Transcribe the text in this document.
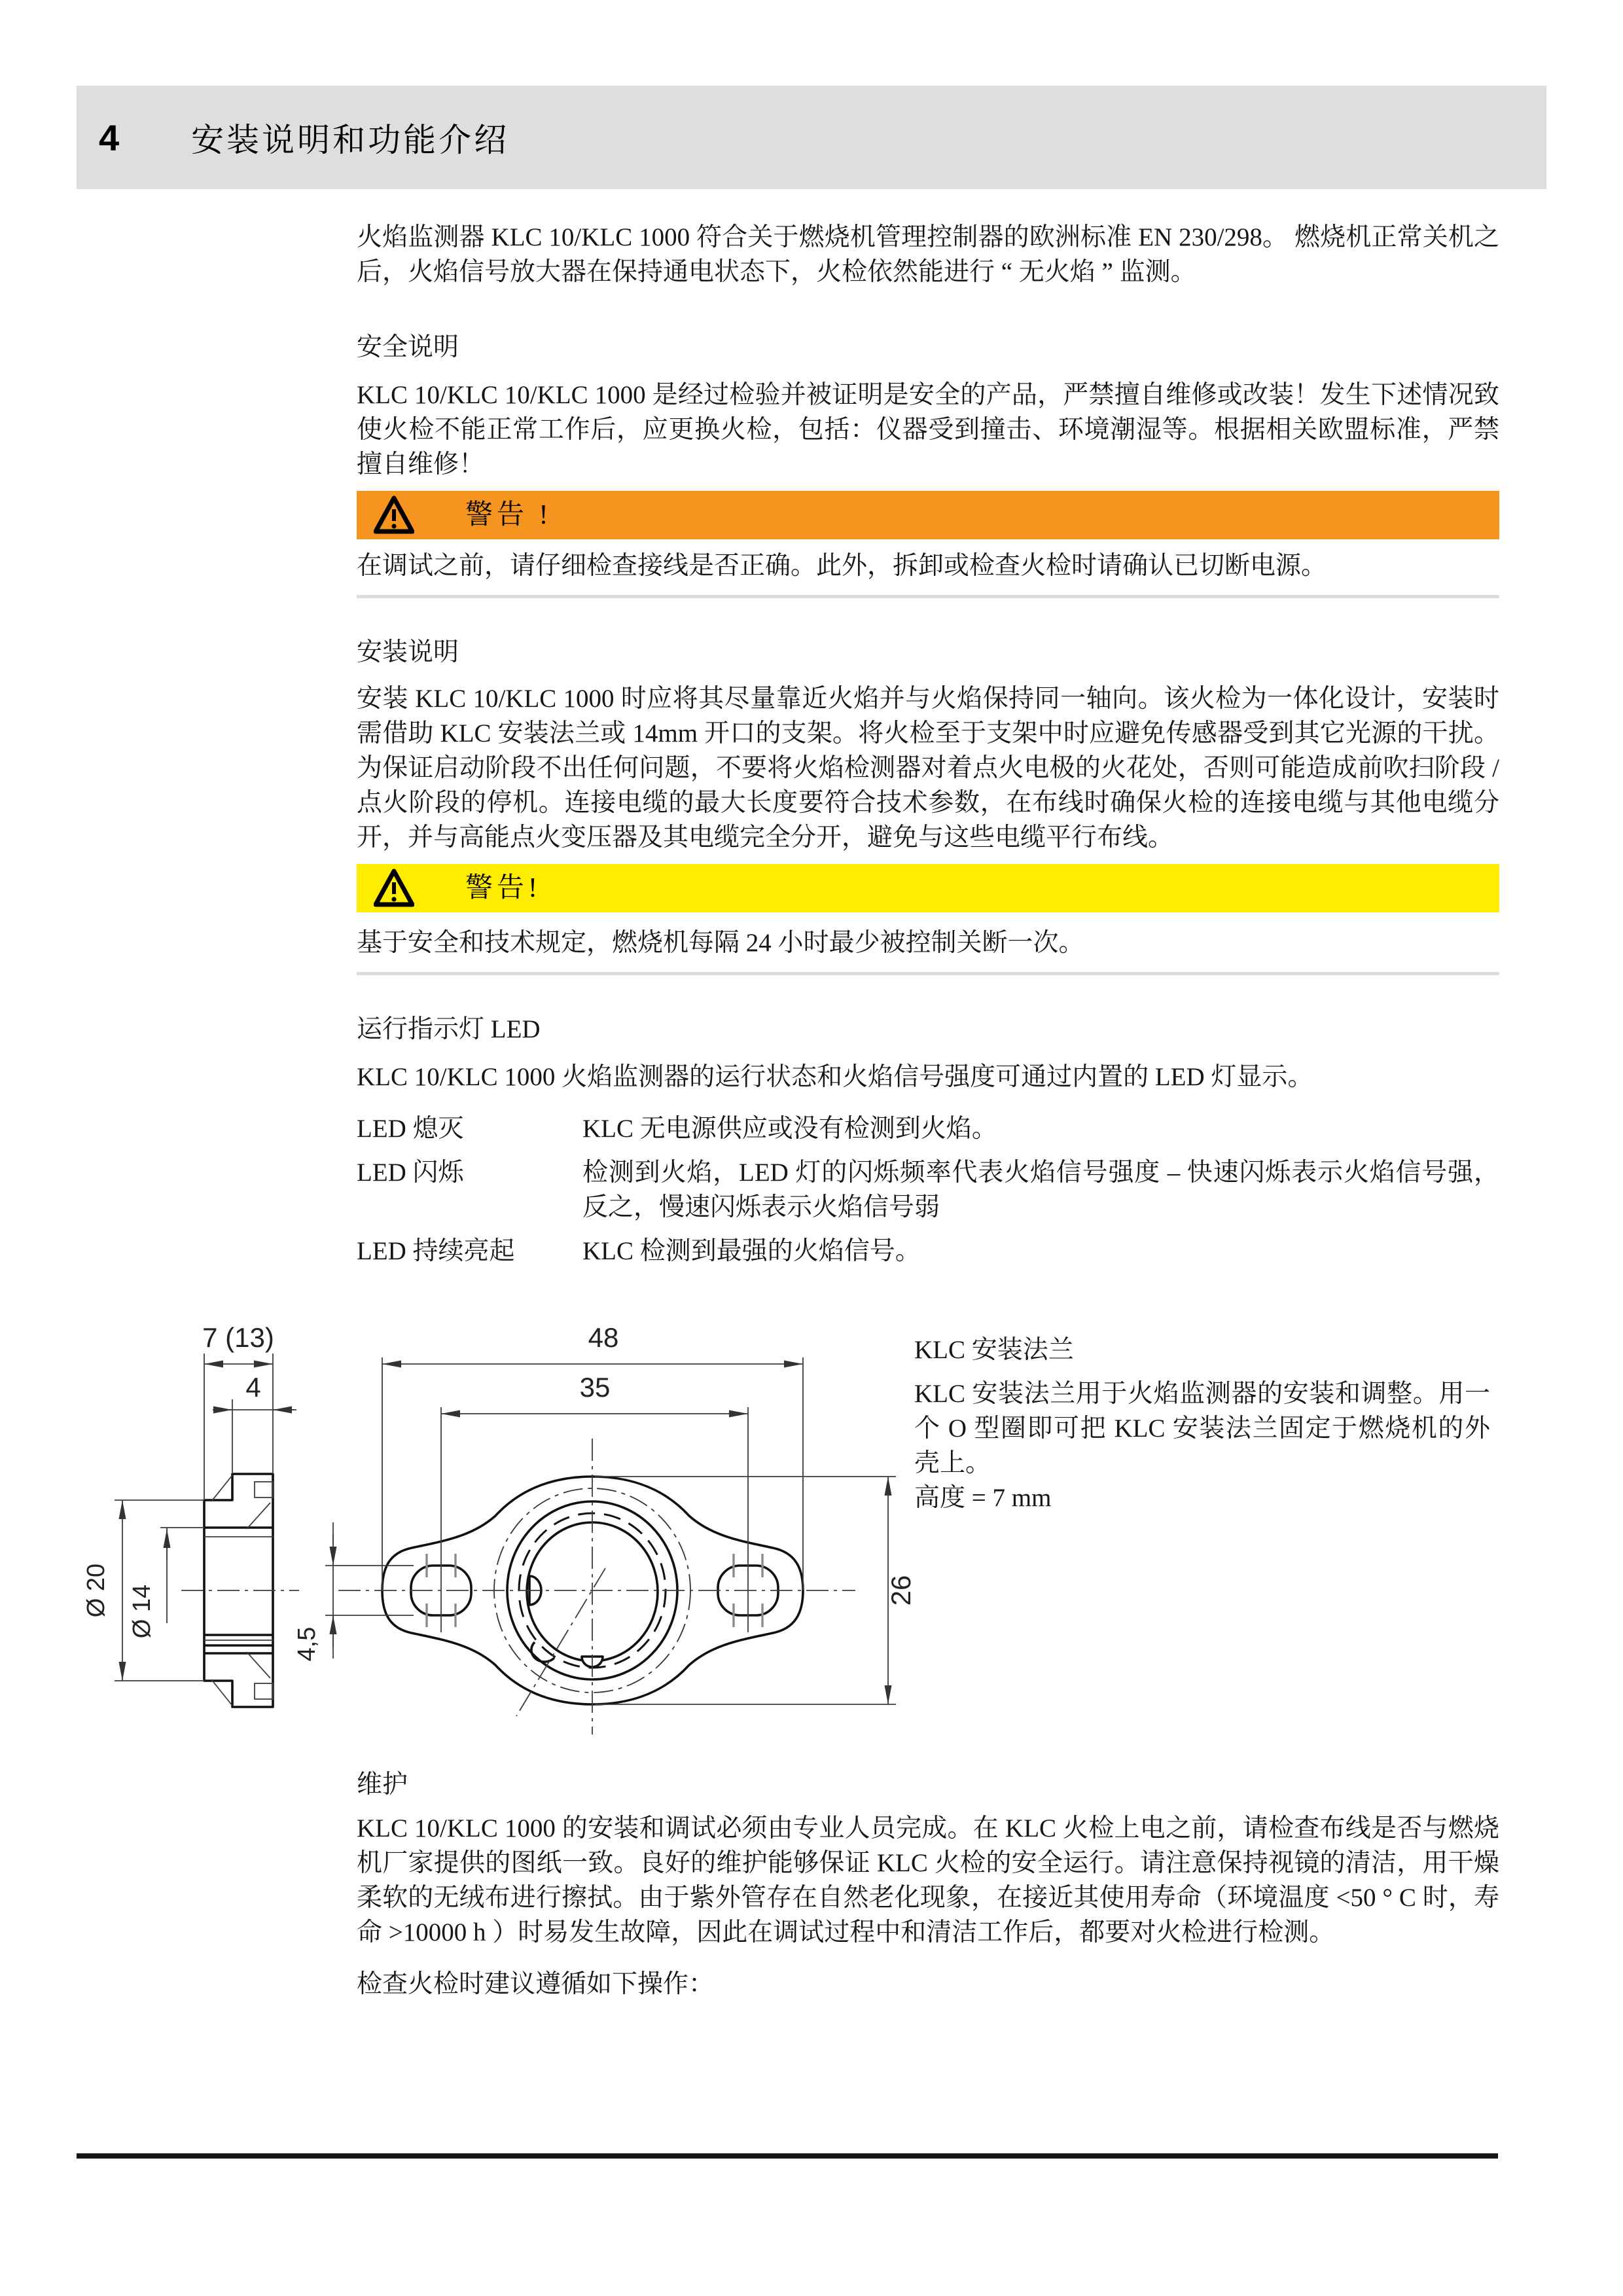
4 安装说明和功能介绍
火焰监测器 KLC 10/KLC 1000 符合关于燃烧机管理控制器的欧洲标准 EN 230/298。 燃烧机正常关机之后，火焰信号放大器在保持通电状态下，火检依然能进行 “ 无火焰 ” 监测。
安全说明
KLC 10/KLC 10/KLC 1000 是经过检验并被证明是安全的产品，严禁擅自维修或改装！发生下述情况致使火检不能正常工作后，应更换火检，包括：仪器受到撞击、环境潮湿等。根据相关欧盟标准，严禁擅自维修！
警告 !
在调试之前，请仔细检查接线是否正确。此外，拆卸或检查火检时请确认已切断电源。
安装说明
安装 KLC 10/KLC 1000 时应将其尽量靠近火焰并与火焰保持同一轴向。该火检为一体化设计，安装时需借助 KLC 安装法兰或 14mm 开口的支架。将火检至于支架中时应避免传感器受到其它光源的干扰。为保证启动阶段不出任何问题，不要将火焰检测器对着点火电极的火花处，否则可能造成前吹扫阶段 / 点火阶段的停机。连接电缆的最大长度要符合技术参数，在布线时确保火检的连接电缆与其他电缆分开，并与高能点火变压器及其电缆完全分开，避免与这些电缆平行布线。
警告!
基于安全和技术规定，燃烧机每隔 24 小时最少被控制关断一次。
运行指示灯 LED
KLC 10/KLC 1000 火焰监测器的运行状态和火焰信号强度可通过内置的 LED 灯显示。
LED 熄灭	KLC 无电源供应或没有检测到火焰。
LED 闪烁	检测到火焰，LED 灯的闪烁频率代表火焰信号强度 – 快速闪烁表示火焰信号强，反之，慢速闪烁表示火焰信号弱
LED 持续亮起	KLC 检测到最强的火焰信号。
7 (13)
4
Ø 20 Ø 14
48
35
26
4,5
KLC 安装法兰
KLC 安装法兰用于火焰监测器的安装和调整。用一个 O 型圈即可把 KLC 安装法兰固定于燃烧机的外壳上。
高度 = 7 mm
维护
KLC 10/KLC 1000 的安装和调试必须由专业人员完成。在 KLC 火检上电之前，请检查布线是否与燃烧机厂家提供的图纸一致。良好的维护能够保证 KLC 火检的安全运行。请注意保持视镜的清洁，用干燥柔软的无绒布进行擦拭。由于紫外管存在自然老化现象，在接近其使用寿命（环境温度 <50 ° C 时，寿命 >10000 h ）时易发生故障，因此在调试过程中和清洁工作后，都要对火检进行检测。
检查火检时建议遵循如下操作：
